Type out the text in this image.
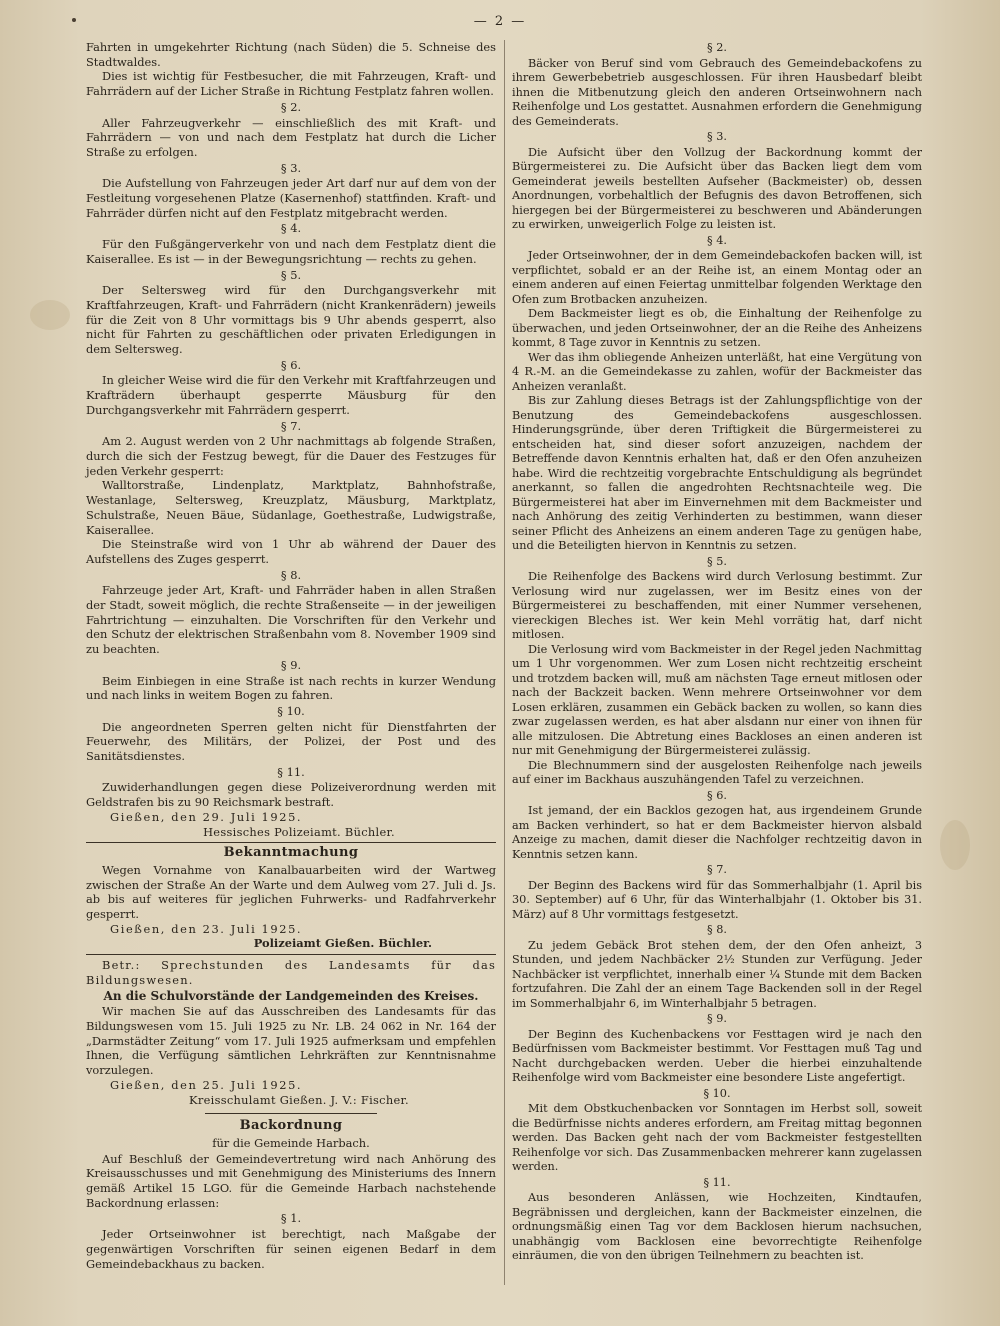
— 2 —

Fahrten in umgekehrter Richtung (nach Süden) die 5. Schneise des Stadtwaldes.

Dies ist wichtig für Festbesucher, die mit Fahrzeugen, Kraft- und Fahrrädern auf der Licher Straße in Richtung Festplatz fahren wollen.

§ 2.

Aller Fahrzeugverkehr — einschließlich des mit Kraft- und Fahrrädern — von und nach dem Festplatz hat durch die Licher Straße zu erfolgen.

§ 3.

Die Aufstellung von Fahrzeugen jeder Art darf nur auf dem von der Festleitung vorgesehenen Platze (Kasernenhof) stattfinden. Kraft- und Fahrräder dürfen nicht auf den Festplatz mitgebracht werden.

§ 4.

Für den Fußgängerverkehr von und nach dem Festplatz dient die Kaiserallee. Es ist — in der Bewegungsrichtung — rechts zu gehen.

§ 5.

Der Seltersweg wird für den Durchgangsverkehr mit Kraftfahrzeugen, Kraft- und Fahrrädern (nicht Krankenrädern) jeweils für die Zeit von 8 Uhr vormittags bis 9 Uhr abends gesperrt, also nicht für Fahrten zu geschäftlichen oder privaten Erledigungen in dem Seltersweg.

§ 6.

In gleicher Weise wird die für den Verkehr mit Kraftfahrzeugen und Krafträdern überhaupt gesperrte Mäusburg für den Durchgangsverkehr mit Fahrrädern gesperrt.

§ 7.

Am 2. August werden von 2 Uhr nachmittags ab folgende Straßen, durch die sich der Festzug bewegt, für die Dauer des Festzuges für jeden Verkehr gesperrt:

Walltorstraße, Lindenplatz, Marktplatz, Bahnhofstraße, Westanlage, Seltersweg, Kreuzplatz, Mäusburg, Marktplatz, Schulstraße, Neuen Bäue, Südanlage, Goethestraße, Ludwigstraße, Kaiserallee.

Die Steinstraße wird von 1 Uhr ab während der Dauer des Aufstellens des Zuges gesperrt.

§ 8.

Fahrzeuge jeder Art, Kraft- und Fahrräder haben in allen Straßen der Stadt, soweit möglich, die rechte Straßenseite — in der jeweiligen Fahrtrichtung — einzuhalten. Die Vorschriften für den Verkehr und den Schutz der elektrischen Straßenbahn vom 8. November 1909 sind zu beachten.

§ 9.

Beim Einbiegen in eine Straße ist nach rechts in kurzer Wendung und nach links in weitem Bogen zu fahren.

§ 10.

Die angeordneten Sperren gelten nicht für Dienstfahrten der Feuerwehr, des Militärs, der Polizei, der Post und des Sanitätsdienstes.

§ 11.

Zuwiderhandlungen gegen diese Polizeiverordnung werden mit Geldstrafen bis zu 90 Reichsmark bestraft.

Gießen, den 29. Juli 1925.

Hessisches Polizeiamt. Büchler.

Bekanntmachung

Wegen Vornahme von Kanalbauarbeiten wird der Wartweg zwischen der Straße An der Warte und dem Aulweg vom 27. Juli d. Js. ab bis auf weiteres für jeglichen Fuhrwerks- und Radfahrverkehr gesperrt.

Gießen, den 23. Juli 1925.

Polizeiamt Gießen. Büchler.

Betr.: Sprechstunden des Landesamts für das Bildungswesen.

An die Schulvorstände der Landgemeinden des Kreises.

Wir machen Sie auf das Ausschreiben des Landesamts für das Bildungswesen vom 15. Juli 1925 zu Nr. LB. 24 062 in Nr. 164 der „Darmstädter Zeitung“ vom 17. Juli 1925 aufmerksam und empfehlen Ihnen, die Verfügung sämtlichen Lehrkräften zur Kenntnisnahme vorzulegen.

Gießen, den 25. Juli 1925.

Kreisschulamt Gießen. J. V.: Fischer.

Backordnung
für die Gemeinde Harbach.

Auf Beschluß der Gemeindevertretung wird nach Anhörung des Kreisausschusses und mit Genehmigung des Ministeriums des Innern gemäß Artikel 15 LGO. für die Gemeinde Harbach nachstehende Backordnung erlassen:

§ 1.

Jeder Ortseinwohner ist berechtigt, nach Maßgabe der gegenwärtigen Vorschriften für seinen eigenen Bedarf in dem Gemeindebackhaus zu backen.

§ 2.

Bäcker von Beruf sind vom Gebrauch des Gemeindebackofens zu ihrem Gewerbebetrieb ausgeschlossen. Für ihren Hausbedarf bleibt ihnen die Mitbenutzung gleich den anderen Ortseinwohnern nach Reihenfolge und Los gestattet. Ausnahmen erfordern die Genehmigung des Gemeinderats.

§ 3.

Die Aufsicht über den Vollzug der Backordnung kommt der Bürgermeisterei zu. Die Aufsicht über das Backen liegt dem vom Gemeinderat jeweils bestellten Aufseher (Backmeister) ob, dessen Anordnungen, vorbehaltlich der Befugnis des davon Betroffenen, sich hiergegen bei der Bürgermeisterei zu beschweren und Abänderungen zu erwirken, unweigerlich Folge zu leisten ist.

§ 4.

Jeder Ortseinwohner, der in dem Gemeindebackofen backen will, ist verpflichtet, sobald er an der Reihe ist, an einem Montag oder an einem anderen auf einen Feiertag unmittelbar folgenden Werktage den Ofen zum Brotbacken anzuheizen.

Dem Backmeister liegt es ob, die Einhaltung der Reihenfolge zu überwachen, und jeden Ortseinwohner, der an die Reihe des Anheizens kommt, 8 Tage zuvor in Kenntnis zu setzen.

Wer das ihm obliegende Anheizen unterläßt, hat eine Vergütung von 4 R.-M. an die Gemeindekasse zu zahlen, wofür der Backmeister das Anheizen veranlaßt.

Bis zur Zahlung dieses Betrags ist der Zahlungspflichtige von der Benutzung des Gemeindebackofens ausgeschlossen. Hinderungsgründe, über deren Triftigkeit die Bürgermeisterei zu entscheiden hat, sind dieser sofort anzuzeigen, nachdem der Betreffende davon Kenntnis erhalten hat, daß er den Ofen anzuheizen habe. Wird die rechtzeitig vorgebrachte Entschuldigung als begründet anerkannt, so fallen die angedrohten Rechtsnachteile weg. Die Bürgermeisterei hat aber im Einvernehmen mit dem Backmeister und nach Anhörung des zeitig Verhinderten zu bestimmen, wann dieser seiner Pflicht des Anheizens an einem anderen Tage zu genügen habe, und die Beteiligten hiervon in Kenntnis zu setzen.

§ 5.

Die Reihenfolge des Backens wird durch Verlosung bestimmt. Zur Verlosung wird nur zugelassen, wer im Besitz eines von der Bürgermeisterei zu beschaffenden, mit einer Nummer versehenen, viereckigen Bleches ist. Wer kein Mehl vorrätig hat, darf nicht mitlosen.

Die Verlosung wird vom Backmeister in der Regel jeden Nachmittag um 1 Uhr vorgenommen. Wer zum Losen nicht rechtzeitig erscheint und trotzdem backen will, muß am nächsten Tage erneut mitlosen oder nach der Backzeit backen. Wenn mehrere Ortseinwohner vor dem Losen erklären, zusammen ein Gebäck backen zu wollen, so kann dies zwar zugelassen werden, es hat aber alsdann nur einer von ihnen für alle mitzulosen. Die Abtretung eines Backloses an einen anderen ist nur mit Genehmigung der Bürgermeisterei zulässig.

Die Blechnummern sind der ausgelosten Reihenfolge nach jeweils auf einer im Backhaus auszuhängenden Tafel zu verzeichnen.

§ 6.

Ist jemand, der ein Backlos gezogen hat, aus irgendeinem Grunde am Backen verhindert, so hat er dem Backmeister hiervon alsbald Anzeige zu machen, damit dieser die Nachfolger rechtzeitig davon in Kenntnis setzen kann.

§ 7.

Der Beginn des Backens wird für das Sommerhalbjahr (1. April bis 30. September) auf 6 Uhr, für das Winterhalbjahr (1. Oktober bis 31. März) auf 8 Uhr vormittags festgesetzt.

§ 8.

Zu jedem Gebäck Brot stehen dem, der den Ofen anheizt, 3 Stunden, und jedem Nachbäcker 2½ Stunden zur Verfügung. Jeder Nachbäcker ist verpflichtet, innerhalb einer ¼ Stunde mit dem Backen fortzufahren. Die Zahl der an einem Tage Backenden soll in der Regel im Sommerhalbjahr 6, im Winterhalbjahr 5 betragen.

§ 9.

Der Beginn des Kuchenbackens vor Festtagen wird je nach den Bedürfnissen vom Backmeister bestimmt. Vor Festtagen muß Tag und Nacht durchgebacken werden. Ueber die hierbei einzuhaltende Reihenfolge wird vom Backmeister eine besondere Liste angefertigt.

§ 10.

Mit dem Obstkuchenbacken vor Sonntagen im Herbst soll, soweit die Bedürfnisse nichts anderes erfordern, am Freitag mittag begonnen werden. Das Backen geht nach der vom Backmeister festgestellten Reihenfolge vor sich. Das Zusammenbacken mehrerer kann zugelassen werden.

§ 11.

Aus besonderen Anlässen, wie Hochzeiten, Kindtaufen, Begräbnissen und dergleichen, kann der Backmeister einzelnen, die ordnungsmäßig einen Tag vor dem Backlosen hierum nachsuchen, unabhängig vom Backlosen eine bevorrechtigte Reihenfolge einräumen, die von den übrigen Teilnehmern zu beachten ist.
